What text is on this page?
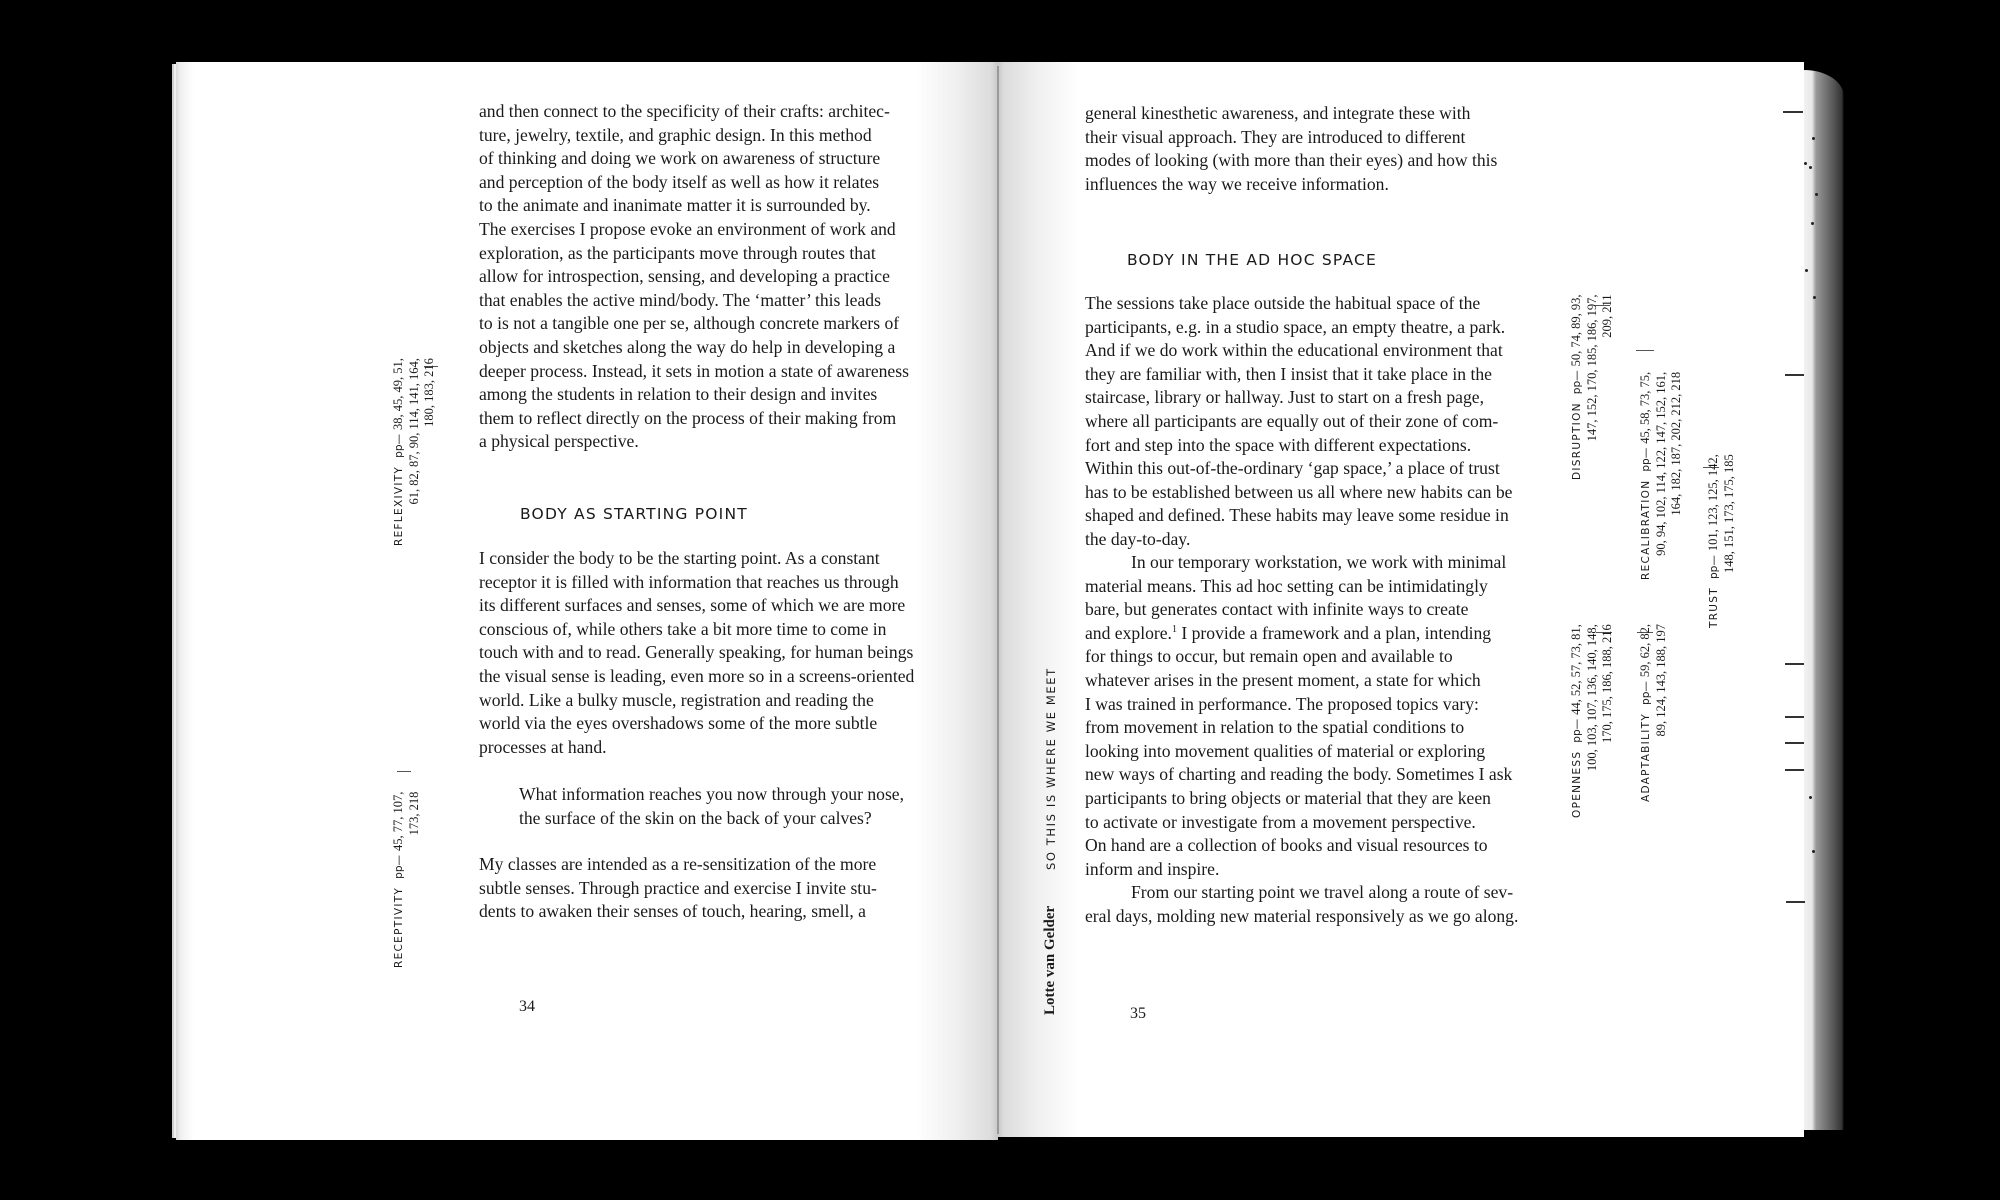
and then connect to the specificity of their crafts: architec-
ture, jewelry, textile, and graphic design. In this method
of thinking and doing we work on awareness of structure
and perception of the body itself as well as how it relates
to the animate and inanimate matter it is surrounded by.
The exercises I propose evoke an environment of work and
exploration, as the participants move through routes that
allow for introspection, sensing, and developing a practice
that enables the active mind/body. The ‘matter’ this leads
to is not a tangible one per se, although concrete markers of
objects and sketches along the way do help in developing a
deeper process. Instead, it sets in motion a state of awareness
among the students in relation to their design and invites
them to reflect directly on the process of their making from
a physical perspective.
BODY AS STARTING POINT
I consider the body to be the starting point. As a constant
receptor it is filled with information that reaches us through
its different surfaces and senses, some of which we are more
conscious of, while others take a bit more time to come in
touch with and to read. Generally speaking, for human beings
the visual sense is leading, even more so in a screens-oriented
world. Like a bulky muscle, registration and reading the
world via the eyes overshadows some of the more subtle
processes at hand.
What information reaches you now through your nose,
the surface of the skin on the back of your calves?
My classes are intended as a re-sensitization of the more
subtle senses. Through practice and exercise I invite stu-
dents to awaken their senses of touch, hearing, smell, a
34
REFLEXIVITYpp— 38, 45, 49, 51, 61, 82, 87, 90, 114, 141, 164, 180, 183, 216
RECEPTIVITYpp— 45, 77, 107, 173, 218
general kinesthetic awareness, and integrate these with
their visual approach. They are introduced to different
modes of looking (with more than their eyes) and how this
influences the way we receive information.
BODY IN THE AD HOC SPACE
The sessions take place outside the habitual space of the
participants, e.g. in a studio space, an empty theatre, a park.
And if we do work within the educational environment that
they are familiar with, then I insist that it take place in the
staircase, library or hallway. Just to start on a fresh page,
where all participants are equally out of their zone of com-
fort and step into the space with different expectations.
Within this out-of-the-ordinary ‘gap space,’ a place of trust
has to be established between us all where new habits can be
shaped and defined. These habits may leave some residue in
the day-to-day.
In our temporary workstation, we work with minimal
material means. This ad hoc setting can be intimidatingly
bare, but generates contact with infinite ways to create
and explore.$^1$ I provide a framework and a plan, intending
for things to occur, but remain open and available to
whatever arises in the present moment, a state for which
I was trained in performance. The proposed topics vary:
from movement in relation to the spatial conditions to
looking into movement qualities of material or exploring
new ways of charting and reading the body. Sometimes I ask
participants to bring objects or material that they are keen
to activate or investigate from a movement perspective.
On hand are a collection of books and visual resources to
inform and inspire.
From our starting point we travel along a route of sev-
eral days, molding new material responsively as we go along.
35
Lotte van Gelder
SO THIS IS WHERE WE MEET
DISRUPTIONpp— 50, 74, 89, 93, 147, 152, 170, 185, 186, 197, 209, 211
RECALIBRATIONpp— 45, 58, 73, 75, 90, 94, 102, 114, 122, 147, 152, 161, 164, 182, 187, 202, 212, 218
TRUSTpp— 101, 123, 125, 142, 148, 151, 173, 175, 185
OPENNESSpp— 44, 52, 57, 73, 81, 100, 103, 107, 136, 140, 148, 170, 175, 186, 188, 216
ADAPTABILITYpp— 59, 62, 82, 89, 124, 143, 188, 197
